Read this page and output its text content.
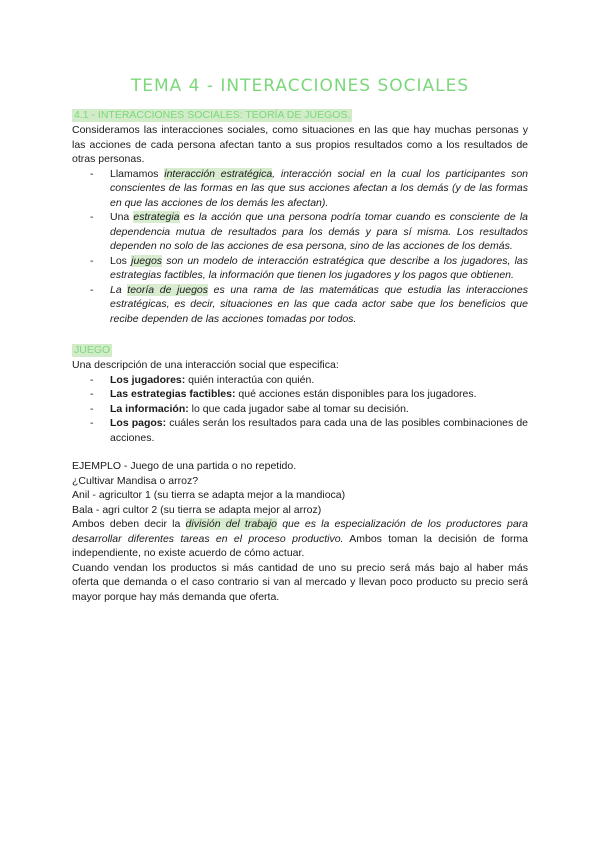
TEMA 4 - INTERACCIONES SOCIALES
4.1 - INTERACCIONES SOCIALES: TEORÍA DE JUEGOS.

Consideramos las interacciones sociales, como situaciones en las que hay muchas personas y las acciones de cada persona afectan tanto a sus propios resultados como a los resultados de otras personas.

- Llamamos interacción estratégica, interacción social en la cual los participantes son conscientes de las formas en las que sus acciones afectan a los demás (y de las formas en que las acciones de los demás les afectan).
- Una estrategia es la acción que una persona podría tomar cuando es consciente de la dependencia mutua de resultados para los demás y para sí misma. Los resultados dependen no solo de las acciones de esa persona, sino de las acciones de los demás.
- Los juegos son un modelo de interacción estratégica que describe a los jugadores, las estrategias factibles, la información que tienen los jugadores y los pagos que obtienen.
- La teoría de juegos es una rama de las matemáticas que estudia las interacciones estratégicas, es decir, situaciones en las que cada actor sabe que los beneficios que recibe dependen de las acciones tomadas por todos.
JUEGO

Una descripción de una interacción social que especifica:

- Los jugadores: quién interactúa con quién.
- Las estrategias factibles: qué acciones están disponibles para los jugadores.
- La información: lo que cada jugador sabe al tomar su decisión.
- Los pagos: cuáles serán los resultados para cada una de las posibles combinaciones de acciones.

EJEMPLO - Juego de una partida o no repetido.

¿Cultivar Mandisa o arroz?

Anil - agricultor 1 (su tierra se adapta mejor a la mandioca)

Bala - agri cultor 2 (su tierra se adapta mejor al arroz)

Ambos deben decir la división del trabajo que es la especialización de los productores para desarrollar diferentes tareas en el proceso productivo. Ambos toman la decisión de forma independiente, no existe acuerdo de cómo actuar.

Cuando vendan los productos si más cantidad de uno su precio será más bajo al haber más oferta que demanda o el caso contrario si van al mercado y llevan poco producto su precio será mayor porque hay más demanda que oferta.
